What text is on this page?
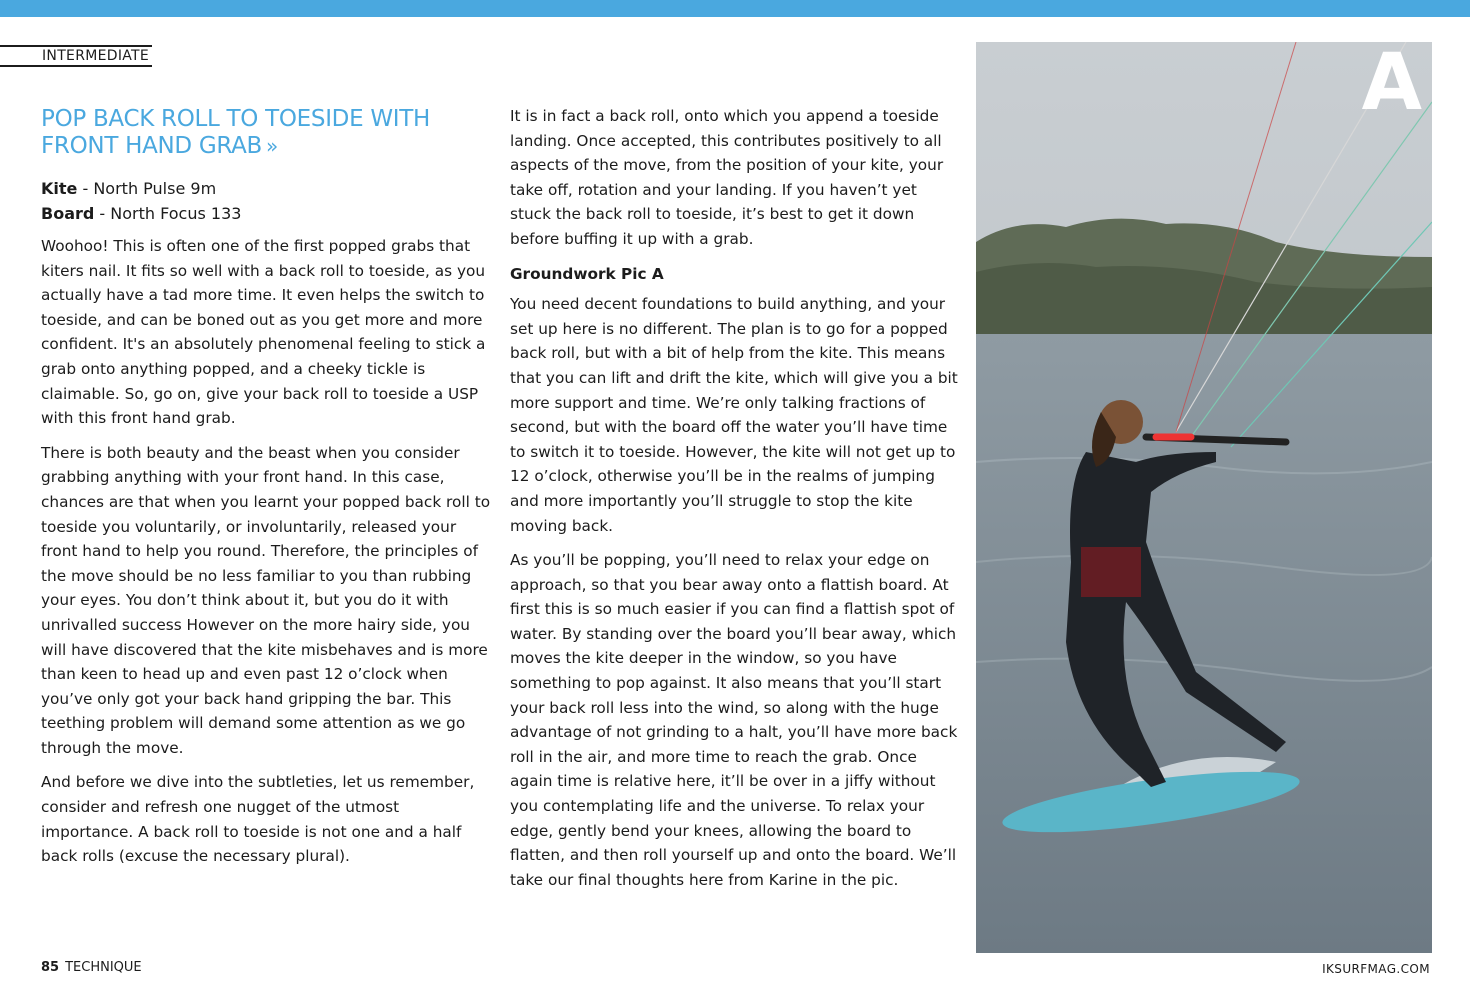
INTERMEDIATE
POP BACK ROLL TO TOESIDE WITH FRONT HAND GRAB »
Kite - North Pulse 9m
Board - North Focus 133

Woohoo! This is often one of the first popped grabs that kiters nail. It fits so well with a back roll to toeside, as you actually have a tad more time. It even helps the switch to toeside, and can be boned out as you get more and more confident. It's an absolutely phenomenal feeling to stick a grab onto anything popped, and a cheeky tickle is claimable. So, go on, give your back roll to toeside a USP with this front hand grab.

There is both beauty and the beast when you consider grabbing anything with your front hand. In this case, chances are that when you learnt your popped back roll to toeside you voluntarily, or involuntarily, released your front hand to help you round. Therefore, the principles of the move should be no less familiar to you than rubbing your eyes. You don’t think about it, but you do it with unrivalled success However on the more hairy side, you will have discovered that the kite misbehaves and is more than keen to head up and even past 12 o’clock when you’ve only got your back hand gripping the bar. This teething problem will demand some attention as we go through the move.

And before we dive into the subtleties, let us remember, consider and refresh one nugget of the utmost importance. A back roll to toeside is not one and a half back rolls (excuse the necessary plural).

It is in fact a back roll, onto which you append a toeside landing. Once accepted, this contributes positively to all aspects of the move, from the position of your kite, your take off, rotation and your landing. If you haven’t yet stuck the back roll to toeside, it’s best to get it down before buffing it up with a grab.

Groundwork Pic A

You need decent foundations to build anything, and your set up here is no different. The plan is to go for a popped back roll, but with a bit of help from the kite. This means that you can lift and drift the kite, which will give you a bit more support and time. We’re only talking fractions of second, but with the board off the water you’ll have time to switch it to toeside. However, the kite will not get up to 12 o’clock, otherwise you’ll be in the realms of jumping and more importantly you’ll struggle to stop the kite moving back.

As you’ll be popping, you’ll need to relax your edge on approach, so that you bear away onto a flattish board. At first this is so much easier if you can find a flattish spot of water. By standing over the board you’ll bear away, which moves the kite deeper in the window, so you have something to pop against. It also means that you’ll start your back roll less into the wind, so along with the huge advantage of not grinding to a halt, you’ll have more back roll in the air, and more time to reach the grab. Once again time is relative here, it’ll be over in a jiffy without you contemplating life and the universe. To relax your edge, gently bend your knees, allowing the board to flatten, and then roll yourself up and onto the board. We’ll take our final thoughts here from Karine in the pic.

A
85 TECHNIQUE	IKSURFMAG.COM
